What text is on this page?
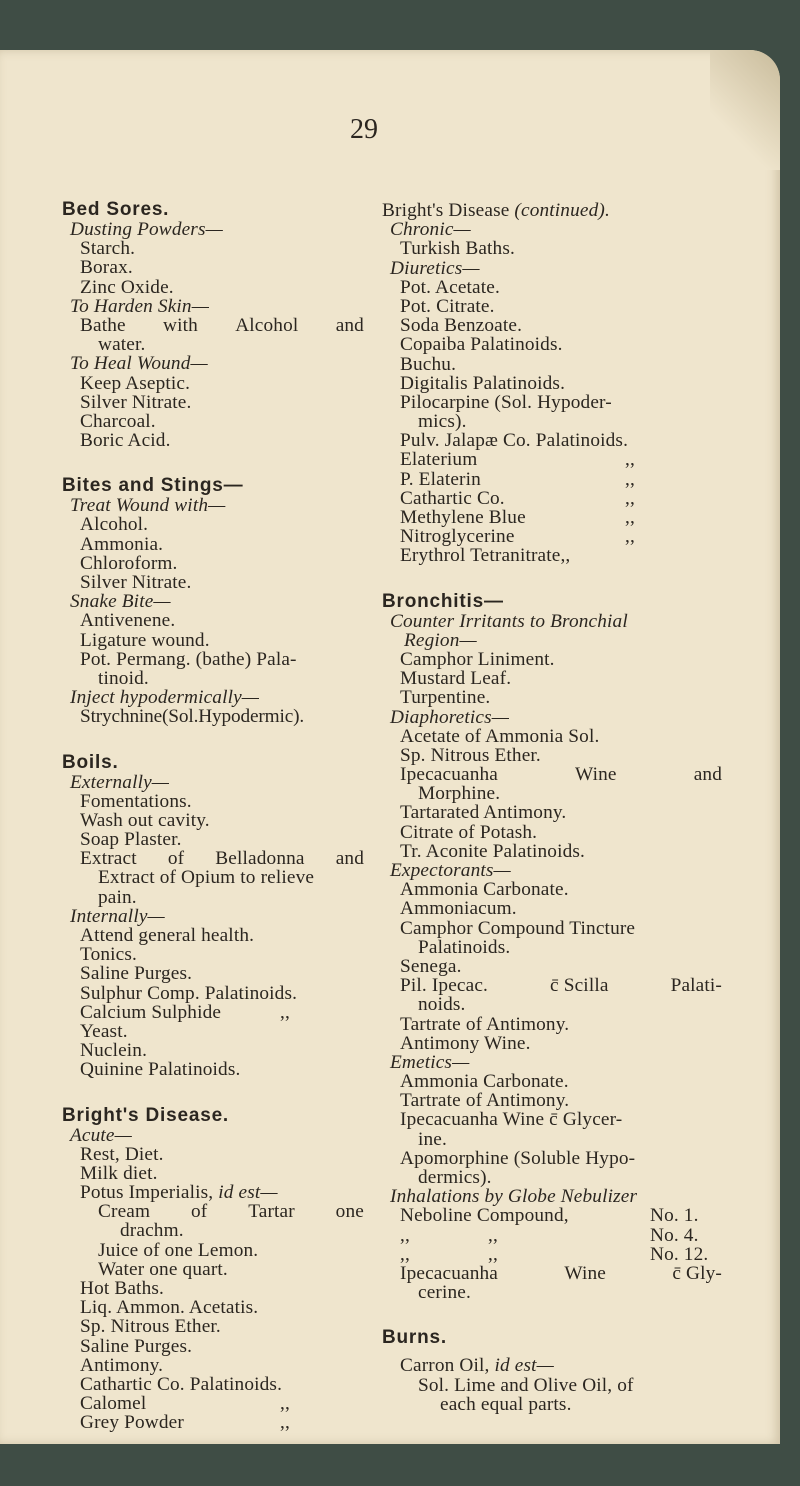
29
Bed Sores.
Dusting Powders—
Starch.
Borax.
Zinc Oxide.
To Harden Skin—
Bathe with Alcohol and
water.
To Heal Wound—
Keep Aseptic.
Silver Nitrate.
Charcoal.
Boric Acid.
Bites and Stings—
Treat Wound with—
Alcohol.
Ammonia.
Chloroform.
Silver Nitrate.
Snake Bite—
Antivenene.
Ligature wound.
Pot. Permang. (bathe) Pala-
tinoid.
Inject hypodermically—
Strychnine(Sol.Hypodermic).
Boils.
Externally—
Fomentations.
Wash out cavity.
Soap Plaster.
Extract of Belladonna and
Extract of Opium to relieve
pain.
Internally—
Attend general health.
Tonics.
Saline Purges.
Sulphur Comp. Palatinoids.
Calcium Sulphide	,,
Yeast.
Nuclein.
Quinine Palatinoids.
Bright's Disease.
Acute—
Rest, Diet.
Milk diet.
Potus Imperialis, id est—
Cream of Tartar one
drachm.
Juice of one Lemon.
Water one quart.
Hot Baths.
Liq. Ammon. Acetatis.
Sp. Nitrous Ether.
Saline Purges.
Antimony.
Cathartic Co. Palatinoids.
Calomel	,,
Grey Powder	,,
Bright's Disease (continued).
Chronic—
Turkish Baths.
Diuretics—
Pot. Acetate.
Pot. Citrate.
Soda Benzoate.
Copaiba Palatinoids.
Buchu.
Digitalis Palatinoids.
Pilocarpine (Sol. Hypoder-
mics).
Pulv. Jalapæ Co. Palatinoids.
Elaterium	,,
P. Elaterin	,,
Cathartic Co.	,,
Methylene Blue	,,
Nitroglycerine	,,
Erythrol Tetranitrate,,
Bronchitis—
Counter Irritants to Bronchial
Region—
Camphor Liniment.
Mustard Leaf.
Turpentine.
Diaphoretics—
Acetate of Ammonia Sol.
Sp. Nitrous Ether.
Ipecacuanha	Wine	and
Morphine.
Tartarated Antimony.
Citrate of Potash.
Tr. Aconite Palatinoids.
Expectorants—
Ammonia Carbonate.
Ammoniacum.
Camphor Compound Tincture
Palatinoids.
Senega.
Pil. Ipecac.	c̄ Scilla	Palati-
noids.
Tartrate of Antimony.
Antimony Wine.
Emetics—
Ammonia Carbonate.
Tartrate of Antimony.
Ipecacuanha Wine c̄ Glycer-
ine.
Apomorphine (Soluble Hypo-
dermics).
Inhalations by Globe Nebulizer
Neboline Compound,	No. 1.
,,	,,	No. 4.
,,	,,	No. 12.
Ipecacuanha	Wine	c̄ Gly-
cerine.
Burns.
Carron Oil, id est—
Sol. Lime and Olive Oil, of
each equal parts.
